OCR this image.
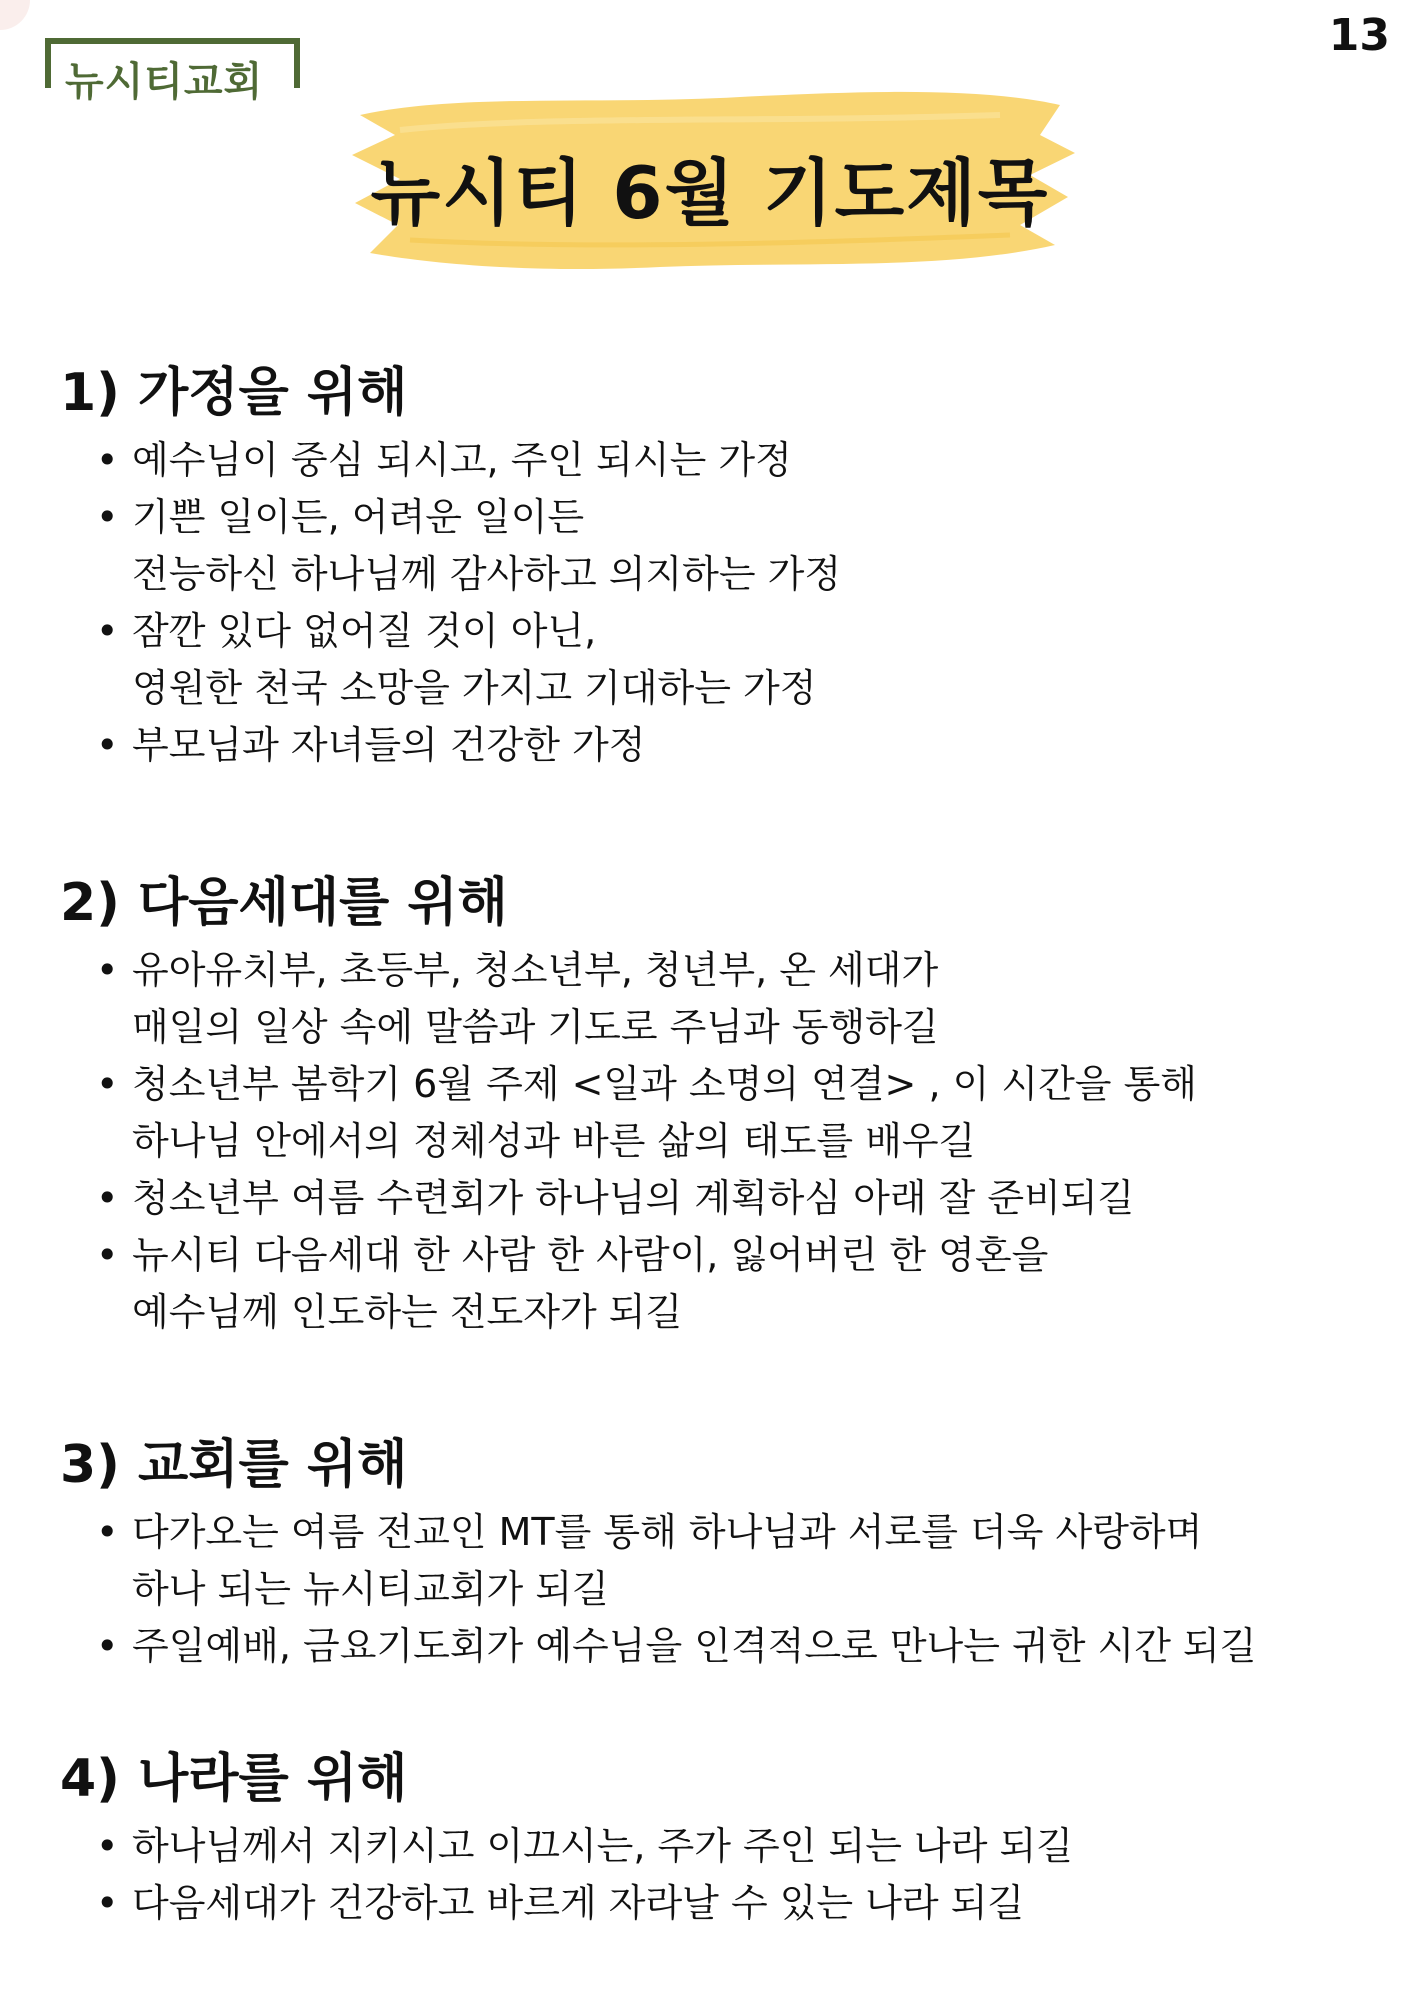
13
뉴시티교회
뉴시티 6월 기도제목
1) 가정을 위해
• 예수님이 중심 되시고, 주인 되시는 가정
• 기쁜 일이든, 어려운 일이든
전능하신 하나님께 감사하고 의지하는 가정
• 잠깐 있다 없어질 것이 아닌,
영원한 천국 소망을 가지고 기대하는 가정
• 부모님과 자녀들의 건강한 가정
2) 다음세대를 위해
• 유아유치부, 초등부, 청소년부, 청년부, 온 세대가
매일의 일상 속에 말씀과 기도로 주님과 동행하길
• 청소년부 봄학기 6월 주제 <일과 소명의 연결> , 이 시간을 통해
하나님 안에서의 정체성과 바른 삶의 태도를 배우길
• 청소년부 여름 수련회가 하나님의 계획하심 아래 잘 준비되길
• 뉴시티 다음세대 한 사람 한 사람이, 잃어버린 한 영혼을
예수님께 인도하는 전도자가 되길
3) 교회를 위해
• 다가오는 여름 전교인 MT를 통해 하나님과 서로를 더욱 사랑하며
하나 되는 뉴시티교회가 되길
• 주일예배, 금요기도회가 예수님을 인격적으로 만나는 귀한 시간 되길
4) 나라를 위해
• 하나님께서 지키시고 이끄시는, 주가 주인 되는 나라 되길
• 다음세대가 건강하고 바르게 자라날 수 있는 나라 되길
